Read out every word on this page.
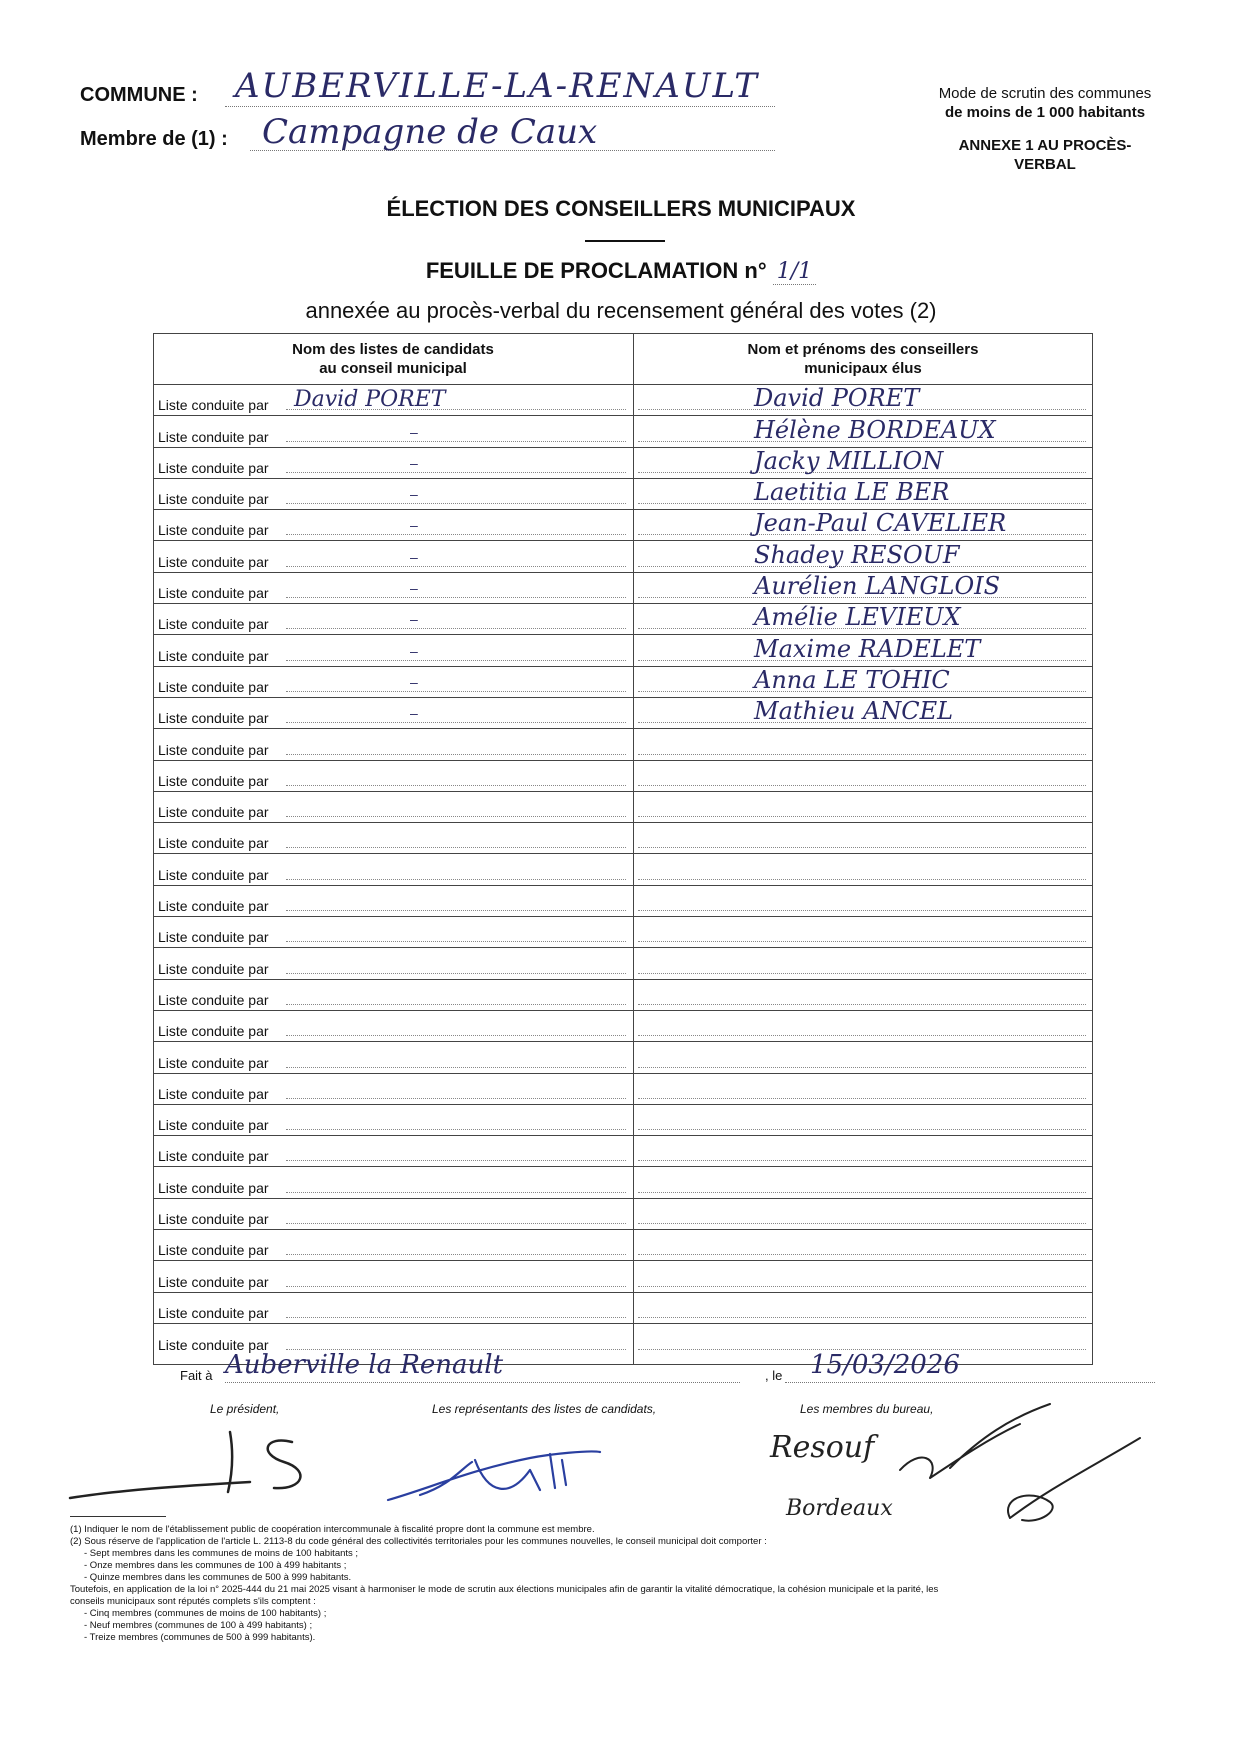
COMMUNE : AUBERVILLE-LA-RENAULT
Membre de (1) : Campagne de Caux
Mode de scrutin des communes
de moins de 1 000 habitants
ANNEXE 1 AU PROCÈS-
VERBAL
ÉLECTION DES CONSEILLERS MUNICIPAUX
FEUILLE DE PROCLAMATION n° 1/1
annexée au procès-verbal du recensement général des votes (2)
Nom des listes de candidats
au conseil municipal
Nom et prénoms des conseillers
municipaux élus
Liste conduite par David PORET	David PORET
Liste conduite par	–	Hélène BORDEAUX
Liste conduite par	–	Jacky MILLION
Liste conduite par	–	Laetitia LE BER
Liste conduite par	–	Jean-Paul CAVELIER
Liste conduite par	–	Shadey RESOUF
Liste conduite par	–	Aurélien LANGLOIS
Liste conduite par	–	Amélie LEVIEUX
Liste conduite par	–	Maxime RADELET
Liste conduite par	–	Anna LE TOHIC
Liste conduite par	–	Mathieu ANCEL
Liste conduite par
Liste conduite par
Liste conduite par
Liste conduite par
Liste conduite par
Liste conduite par
Liste conduite par
Liste conduite par
Liste conduite par
Liste conduite par
Liste conduite par
Liste conduite par
Liste conduite par
Liste conduite par
Liste conduite par
Liste conduite par
Liste conduite par
Liste conduite par
Liste conduite par
Liste conduite par
Fait à Auberville la Renault	, le 15/03/2026
Le président,	Les représentants des listes de candidats,	Les membres du bureau,
Resouf
Bordeaux
(1) Indiquer le nom de l'établissement public de coopération intercommunale à fiscalité propre dont la commune est membre.
(2) Sous réserve de l'application de l'article L. 2113-8 du code général des collectivités territoriales pour les communes nouvelles, le conseil municipal doit comporter :
- Sept membres dans les communes de moins de 100 habitants ;
- Onze membres dans les communes de 100 à 499 habitants ;
- Quinze membres dans les communes de 500 à 999 habitants.
Toutefois, en application de la loi n° 2025-444 du 21 mai 2025 visant à harmoniser le mode de scrutin aux élections municipales afin de garantir la vitalité démocratique, la cohésion municipale et la parité, les
conseils municipaux sont réputés complets s'ils comptent :
- Cinq membres (communes de moins de 100 habitants) ;
- Neuf membres (communes de 100 à 499 habitants) ;
- Treize membres (communes de 500 à 999 habitants).
